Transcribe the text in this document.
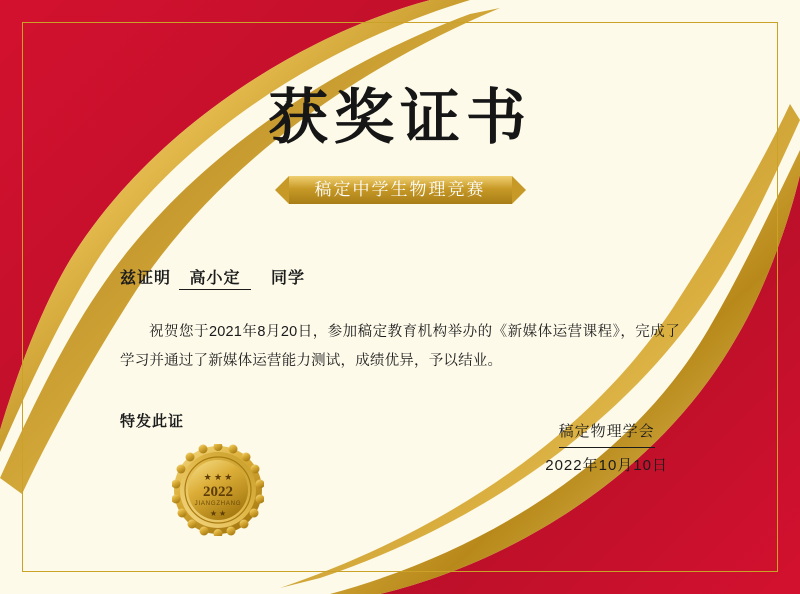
获奖证书
稿定中学生物理竞赛
兹证明 高小定 同学
祝贺您于2021年8月20日，参加稿定教育机构举办的《新媒体运营课程》，完成了学习并通过了新媒体运营能力测试，成绩优异，予以结业。
特发此证
稿定物理学会
2022年10月10日
★ ★ ★
2022
JIANGZHANG
★ ★
